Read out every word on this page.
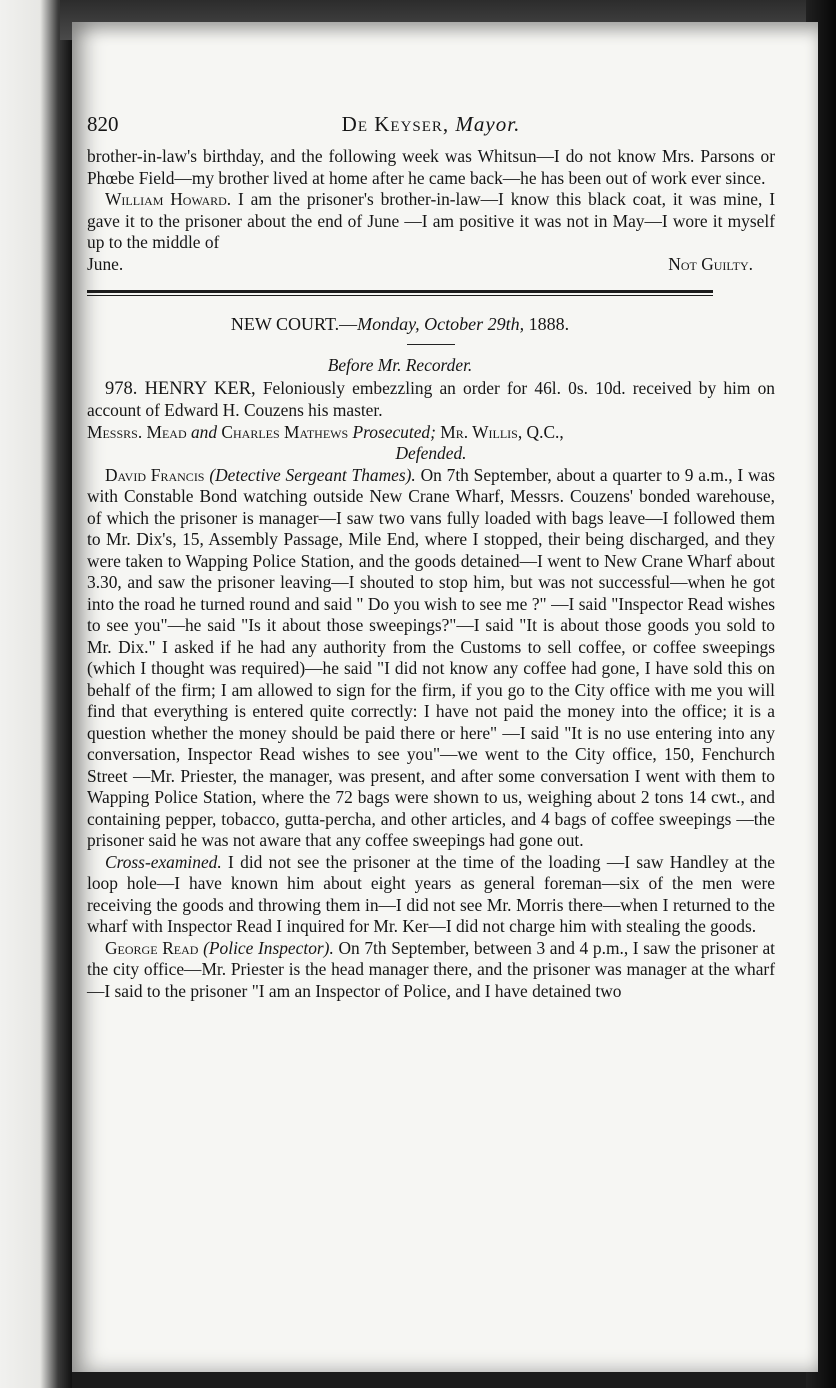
820	De Keyser, Mayor.

brother-in-law's birthday, and the following week was Whitsun—I do not know Mrs. Parsons or Phœbe Field—my brother lived at home after he came back—he has been out of work ever since.

William Howard. I am the prisoner's brother-in-law—I know this black coat, it was mine, I gave it to the prisoner about the end of June —I am positive it was not in May—I wore it myself up to the middle of

June.	Not Guilty.
NEW COURT.—Monday, October 29th, 1888.
Before Mr. Recorder.

978. HENRY KER, Feloniously embezzling an order for 46l. 0s. 10d. received by him on account of Edward H. Couzens his master.

Messrs. Mead and Charles Mathews Prosecuted; Mr. Willis, Q.C.,

Defended.

David Francis (Detective Sergeant Thames). On 7th September, about a quarter to 9 a.m., I was with Constable Bond watching outside New Crane Wharf, Messrs. Couzens' bonded warehouse, of which the prisoner is manager—I saw two vans fully loaded with bags leave—I followed them to Mr. Dix's, 15, Assembly Passage, Mile End, where I stopped, their being discharged, and they were taken to Wapping Police Station, and the goods detained—I went to New Crane Wharf about 3.30, and saw the prisoner leaving—I shouted to stop him, but was not successful—when he got into the road he turned round and said " Do you wish to see me ?" —I said "Inspector Read wishes to see you"—he said "Is it about those sweepings?"—I said "It is about those goods you sold to Mr. Dix." I asked if he had any authority from the Customs to sell coffee, or coffee sweepings (which I thought was required)—he said "I did not know any coffee had gone, I have sold this on behalf of the firm; I am allowed to sign for the firm, if you go to the City office with me you will find that everything is entered quite correctly: I have not paid the money into the office; it is a question whether the money should be paid there or here" —I said "It is no use entering into any conversation, Inspector Read wishes to see you"—we went to the City office, 150, Fenchurch Street —Mr. Priester, the manager, was present, and after some conversation I went with them to Wapping Police Station, where the 72 bags were shown to us, weighing about 2 tons 14 cwt., and containing pepper, tobacco, gutta-percha, and other articles, and 4 bags of coffee sweepings —the prisoner said he was not aware that any coffee sweepings had gone out.

Cross-examined. I did not see the prisoner at the time of the loading —I saw Handley at the loop hole—I have known him about eight years as general foreman—six of the men were receiving the goods and throwing them in—I did not see Mr. Morris there—when I returned to the wharf with Inspector Read I inquired for Mr. Ker—I did not charge him with stealing the goods.

George Read (Police Inspector). On 7th September, between 3 and 4 p.m., I saw the prisoner at the city office—Mr. Priester is the head manager there, and the prisoner was manager at the wharf—I said to the prisoner "I am an Inspector of Police, and I have detained two
